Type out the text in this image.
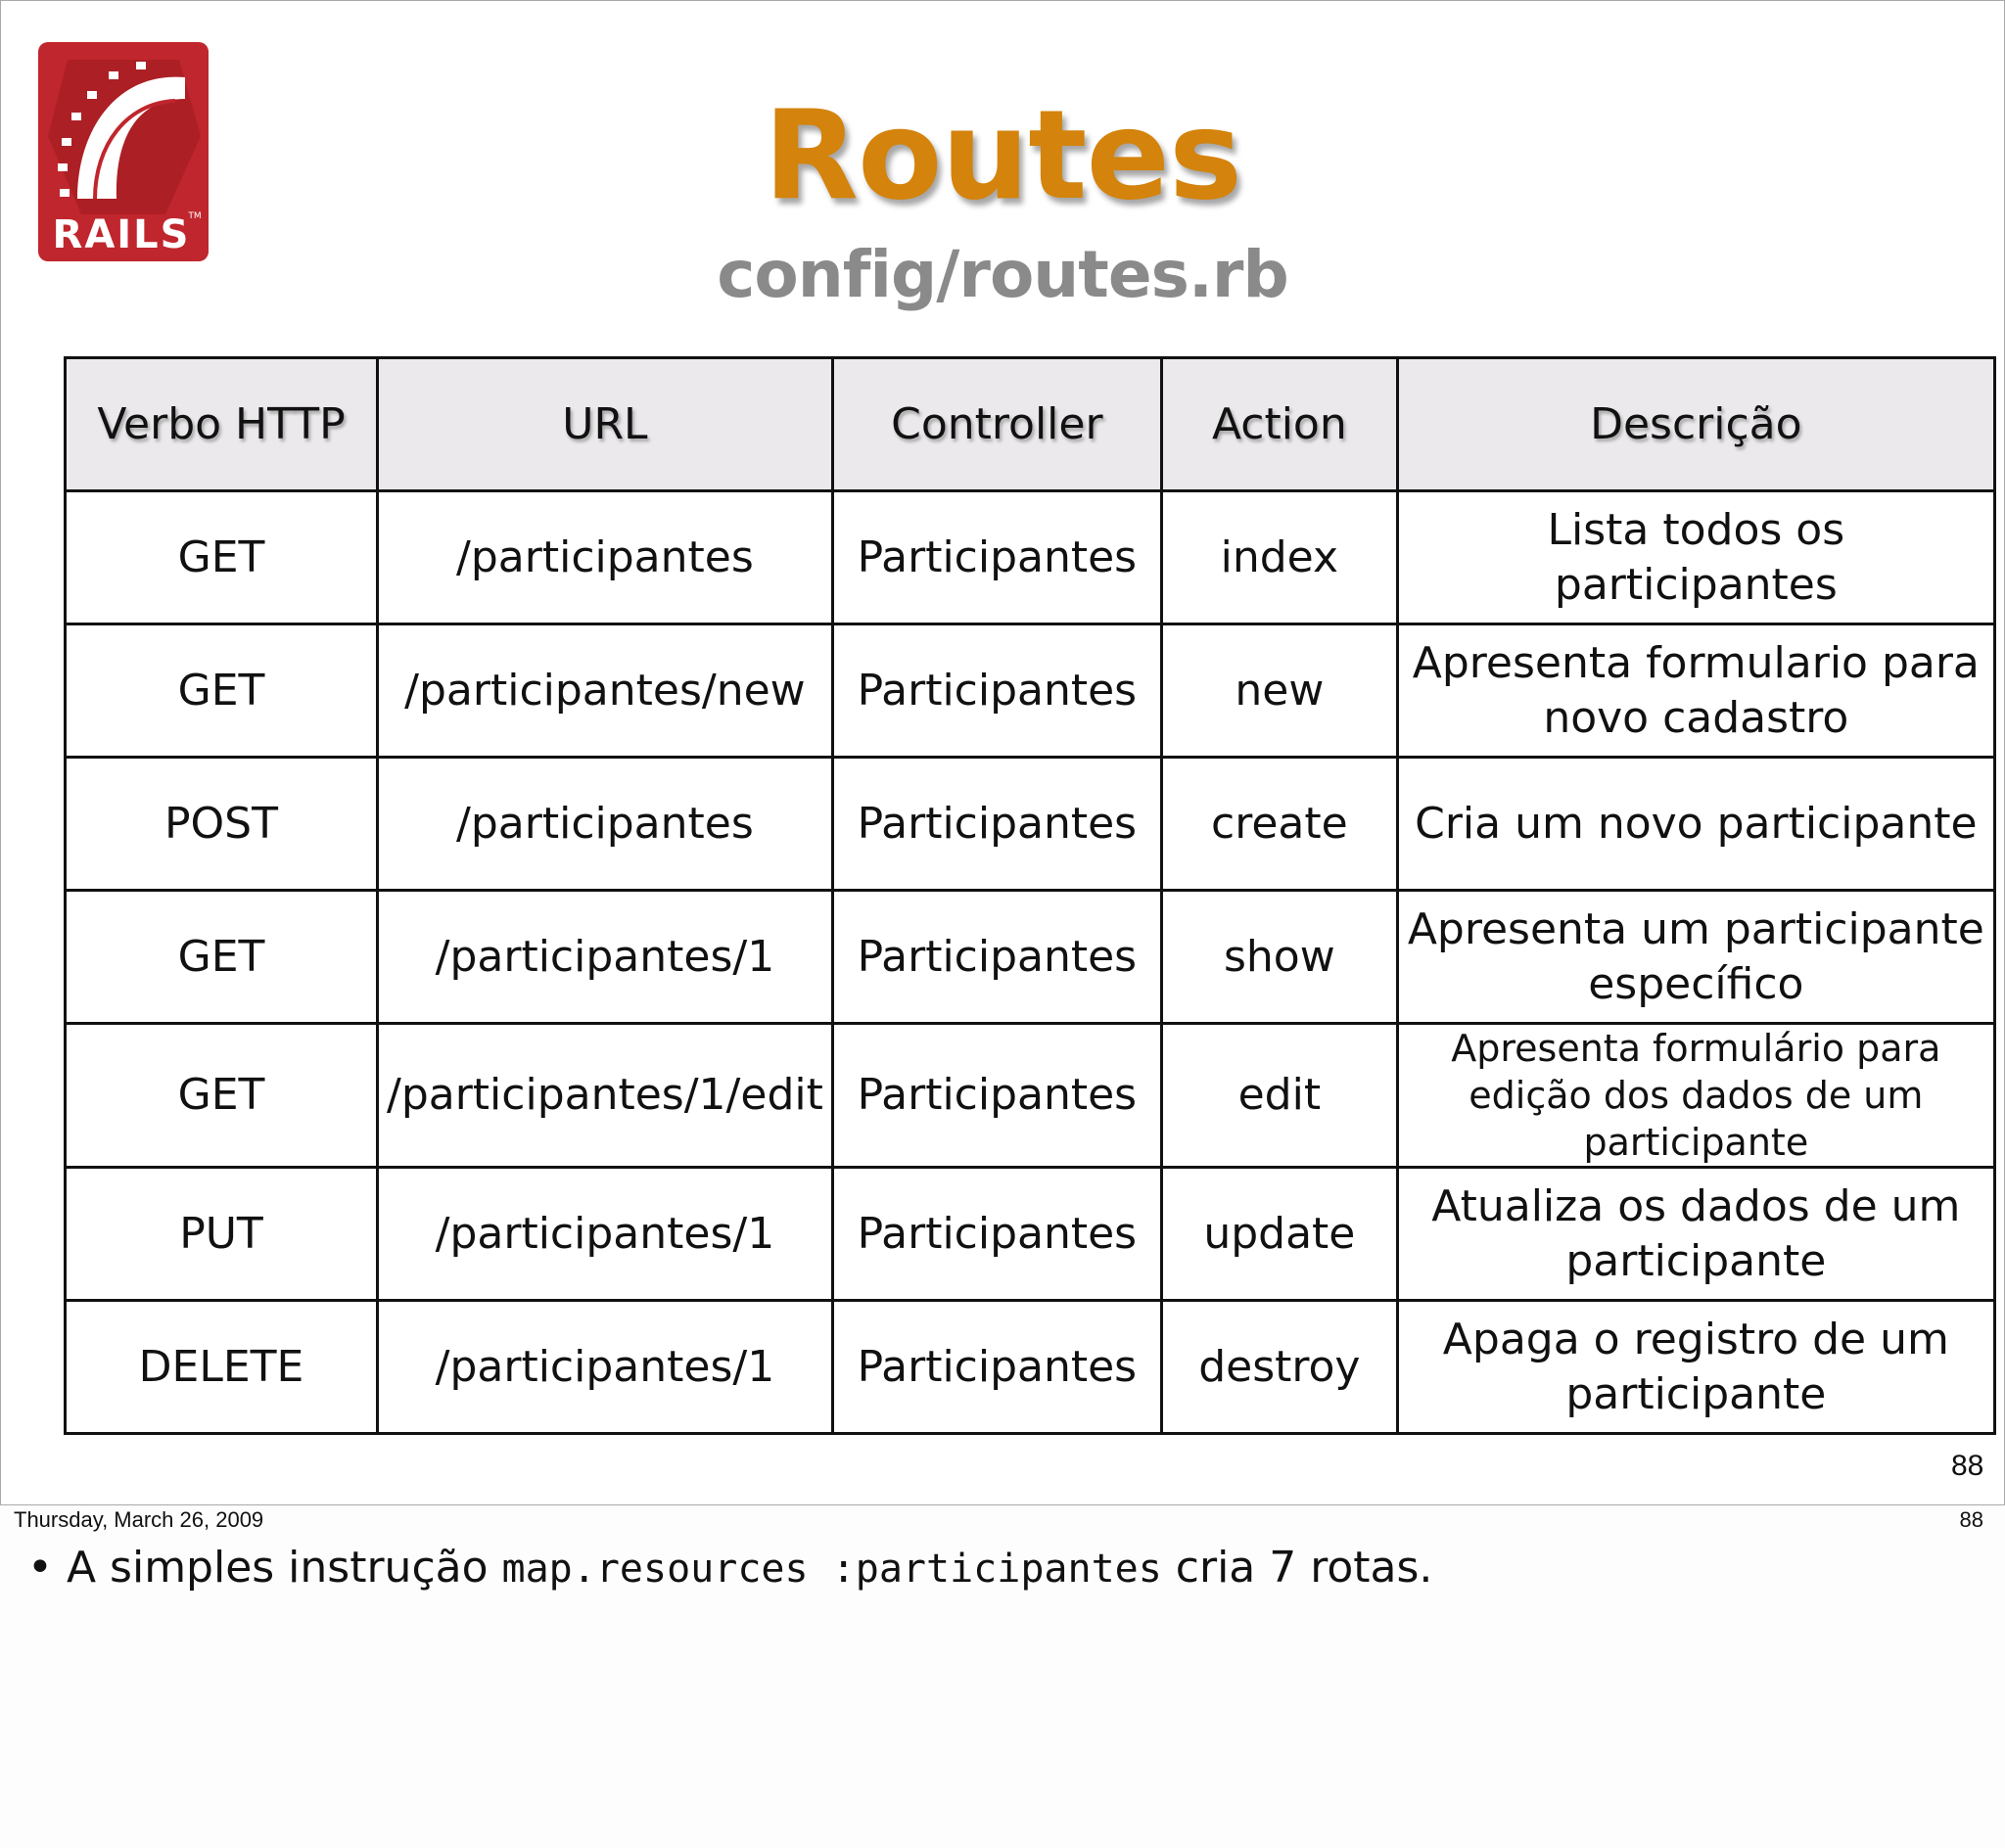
RAILS
TM	Routes
config/routes.rb
Verbo HTTP	URL	Controller	Action	Descrição
GET	/participantes	Participantes	index	Lista todos os participantes
GET	/participantes/new	Participantes	new	Apresenta formulario para novo cadastro
POST	/participantes	Participantes	create	Cria um novo participante
GET	/participantes/1	Participantes	show	Apresenta um participante específico
GET	/participantes/1/edit	Participantes	edit	Apresenta formulário para edição dos dados de um participante
PUT	/participantes/1	Participantes	update	Atualiza os dados de um participante
DELETE	/participantes/1	Participantes	destroy	Apaga o registro de um participante
88
Thursday, March 26, 2009	88
• A simples instrução map.resources :participantes cria 7 rotas.
